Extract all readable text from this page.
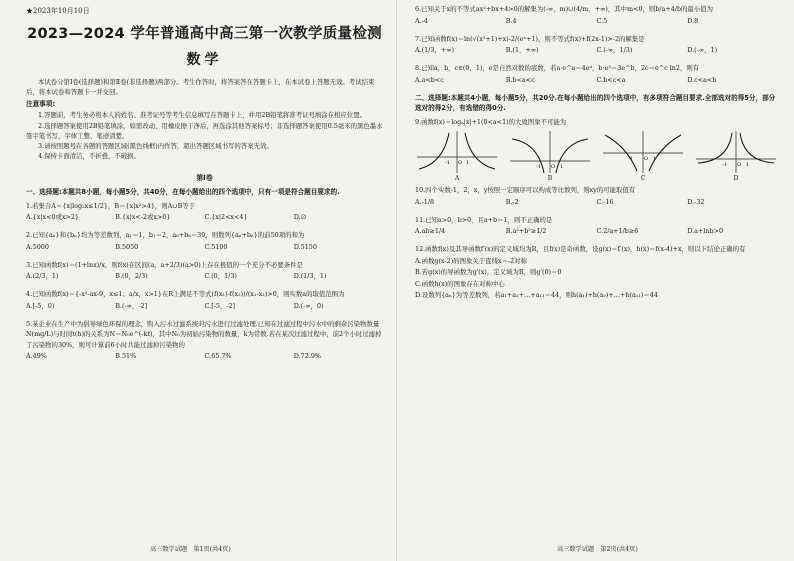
★2023年10月10日
2023—2024 学年普通高中高三第一次教学质量检测
数学

本试卷分第Ⅰ卷(选择题)和第Ⅱ卷(非选择题)两部分。考生作答时，将答案答在答题卡上，在本试卷上答题无效。考试结束后，将本试卷和答题卡一并交回。

注意事项:

1.答题前，考生务必将本人的姓名、准考证号等考生信息填写在答题卡上，并用2B铅笔将准考证号填涂在相应位置。

2.选择题答案使用2B铅笔填涂，如需改动，用橡皮擦干净后，再选涂其他答案标号；非选择题答案使用0.5毫米的黑色墨水签字笔书写，字体工整、笔迹清楚。

3.请按照题号在各题的答题区域(黑色线框)内作答，超出答题区域书写的答案无效。

4.保持卡面清洁，不折叠，不破损。

第Ⅰ卷
一、选择题:本题共8小题，每小题5分，共40分，在每小题给出的四个选项中，只有一项是符合题目要求的.
1.若集合A＝{x|log₂x≤1/2}，B＝{x|x²>4}，则A∪B等于
A.{x|x<0或x>2}	B.{x|x<-2或x>0}	C.{x|2<x<4}	D.∅
2.已知{aₙ}和{bₙ}均为等差数列，a₁＝1，b₁＝2，a₆+b₆＝39，则数列{aₙ+bₙ}的前50项的和为
A.5000	B.5050	C.5100	D.5150
3.已知函数f(x)＝(1+lnx)/x，则f(x)在区间(a，a+2/3)(a>0)上存在极值的一个充分不必要条件是
A.(2/3，1)	B.(0，2/3)	C.(0，1/3)	D.(1/3，1)
4.已知函数f(x)＝{-x²-ax-9，x≤1；a/x，x>1}在R上满足不等式(f(x₁)-f(x₂))/(x₁-x₂)>0，则实数a的取值范围为
A.[-5，0)	B.(-∞，-2]	C.[-5，-2]	D.(-∞，0)
5.某企业在生产中为倡导绿色环保的理念，购入污水过滤系统对污水进行过滤处理.已知在过滤过程中污水中的剩余污染物数量N(mg/L)与时间t(h)的关系为N＝N₀e^(-kt)，其中N₀为初始污染物的数量，k为常数.若在某次过滤过程中，前2个小时过滤掉了污染物的30%，则可计算前6小时共能过滤掉污染物的
A.49%	B.51%	C.65.7%	D.72.9%
高三数学试题　第1页(共4页)
6.已知关于x的不等式ax²+bx+4>0的解集为(-∞，m)∪(4/m，+∞)，其中m<0，则b/a+4/b的最小值为
A.-4	B.4	C.5	D.8
7.已知函数f(x)＝ln(√(x²+1)+x)-2/(eˣ+1)，则不等式f(x)+f(2x-1)>-2的解集是
A.(1/3，+∞)	B.(1，+∞)	C.(-∞，1/3)	D.(-∞，1)
8.已知a，b，c∈(0，1)，e是自然对数的底数，若a·e^a＝4e⁴，b·e³＝3e^b，2c＝e^c ln2，则有
A.a<b<c	B.b<a<c	C.b<c<a	D.c<a<b
二、选择题:本题共4小题，每小题5分，共20分.在每小题给出的四个选项中，有多项符合题目要求.全部选对的得5分，部分选对的得2分，有选错的得0分.
9.函数f(x)＝logₐ|x|+1(0<a<1)的大致图象不可能为
-1 O 1
A
-1 O 1
B
-1 O 1
C
-1 O 1
D
10.四个实数-1，2，x，y按照一定顺序可以构成等比数列，则xy的可能取值有
A.-1/8	B.-2	C.-16	D.-32
11.已知a>0，b>0，且a+b＝1，则不正确的是
A.ab≥1/4	B.a²+b²≥1/2	C.2/a+1/b≥6	D.a+lnb>0
12.函数f(x)及其导函数f′(x)的定义域均为R，且f(x)是奇函数，设g(x)＝f′(x)，h(x)＝f(x-4)+x，则以下结论正确的有
A.函数g(x-2)的图象关于直线x＝-2对称
B.若g(x)的导函数为g′(x)，定义域为R，则g′(0)＝0
C.函数h(x)的图象存在对称中心
D.设数列{aₙ}为等差数列，若a₁+a₂+…+a₁₁＝44，则h(a₁)+h(a₂)+…+h(a₁₁)＝44
高三数学试题　第2页(共4页)
